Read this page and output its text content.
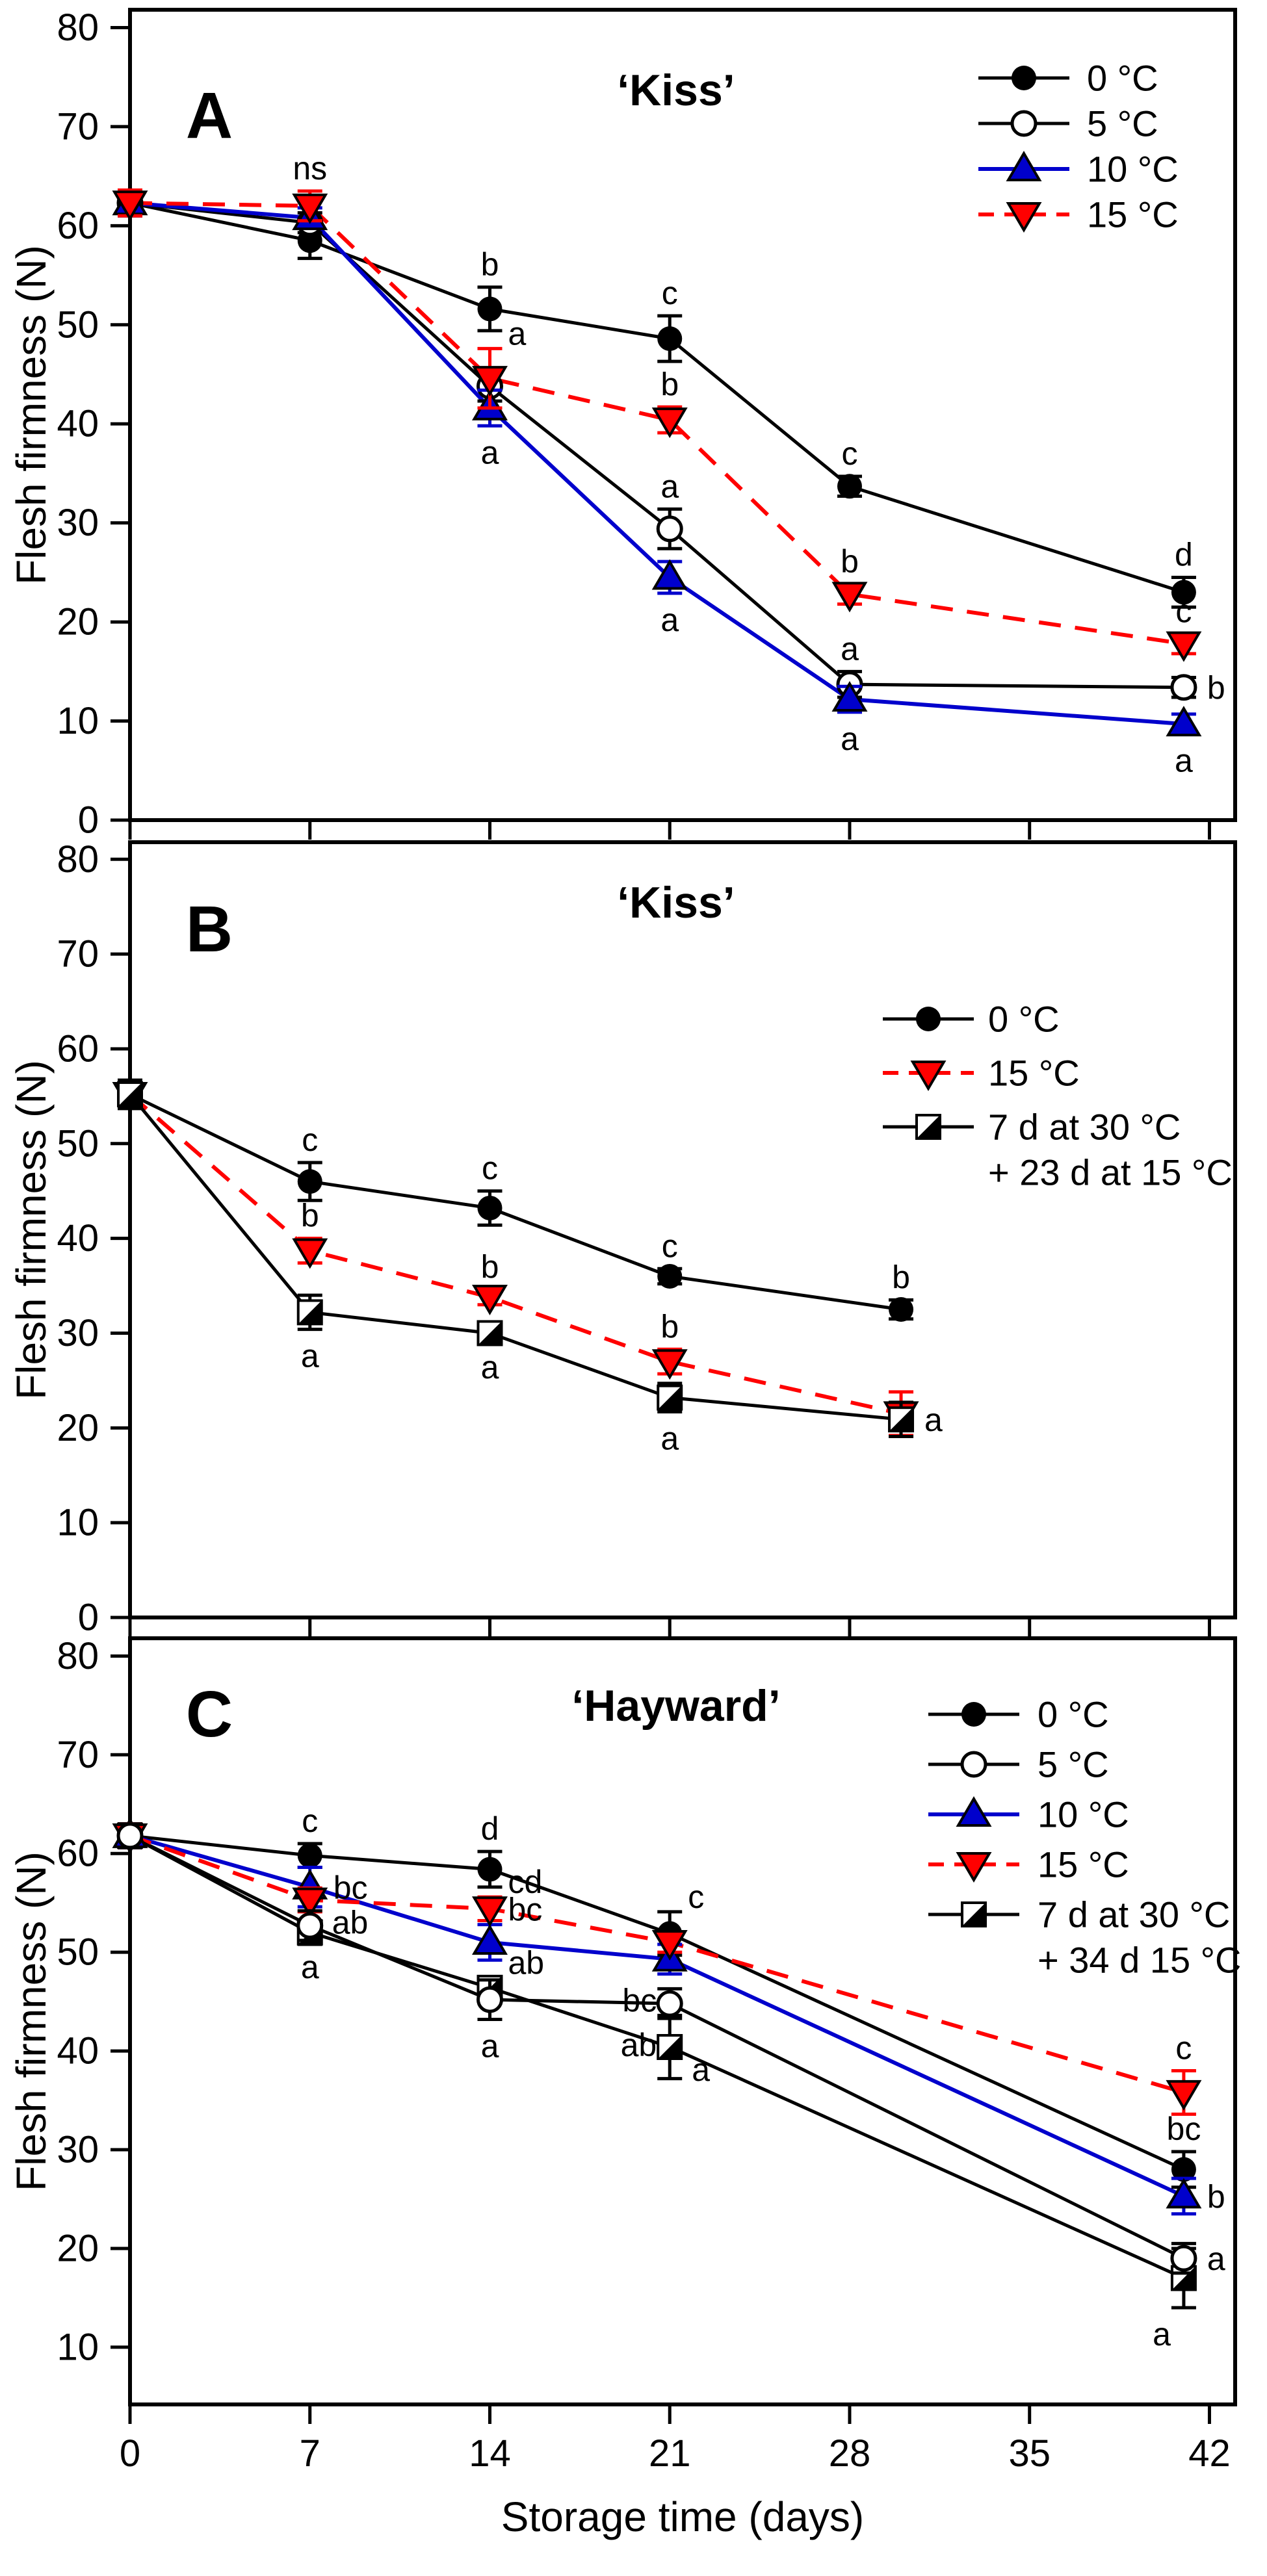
0
10
20
30
40
50
60
70
80
Flesh firmness (N)
A	‘Kiss’
ns
b
a
a
c
b
a
a
c
b
a
a
d
c
b
a
0 °C
5 °C
10 °C
15 °C
0
10
20
30
40
50
60
70
80
Flesh firmness (N)
B	‘Kiss’
c
b
a
c
b
a
c
b
a
b
a
0 °C
15 °C
7 d at 30 °C
+ 23 d at 15 °C
10
20
30
40
50
60
70
80
Flesh firmness (N)
C	‘Hayward’
c
bc
ab
a
d
cd
bc
ab
a
c
bc
ab
a
c
bc
b
a
a
0 °C
5 °C
10 °C
15 °C
7 d at 30 °C
+ 34 d 15 °C
0	7	14	21	28	35	42
Storage time (days)
